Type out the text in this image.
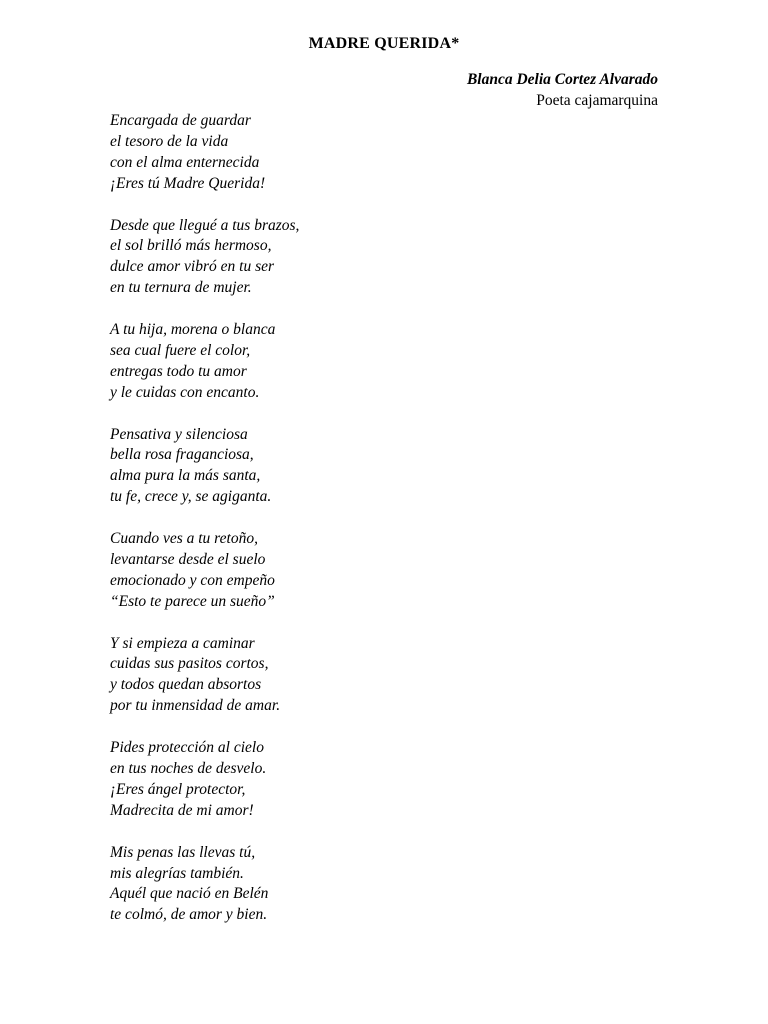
MADRE QUERIDA*
Blanca Delia Cortez Alvarado
Poeta cajamarquina
Encargada de guardar
el tesoro de la vida
con el alma enternecida
¡Eres tú Madre Querida!
Desde que llegué a tus brazos,
el sol brilló más hermoso,
dulce amor vibró en tu ser
en tu ternura de mujer.
A tu hija, morena o blanca
sea cual fuere el color,
entregas todo tu amor
y le cuidas con encanto.
Pensativa y silenciosa
bella rosa fraganciosa,
alma pura la más santa,
tu fe, crece y, se agiganta.
Cuando ves a tu retoño,
levantarse desde el suelo
emocionado y con empeño
“Esto te parece un sueño”
Y si empieza a caminar
cuidas sus pasitos cortos,
y todos quedan absortos
por tu inmensidad de amar.
Pides protección al cielo
en tus noches de desvelo.
¡Eres ángel protector,
Madrecita de mi amor!
Mis penas las llevas tú,
mis alegrías también.
Aquél que nació en Belén
te colmó, de amor y bien.
